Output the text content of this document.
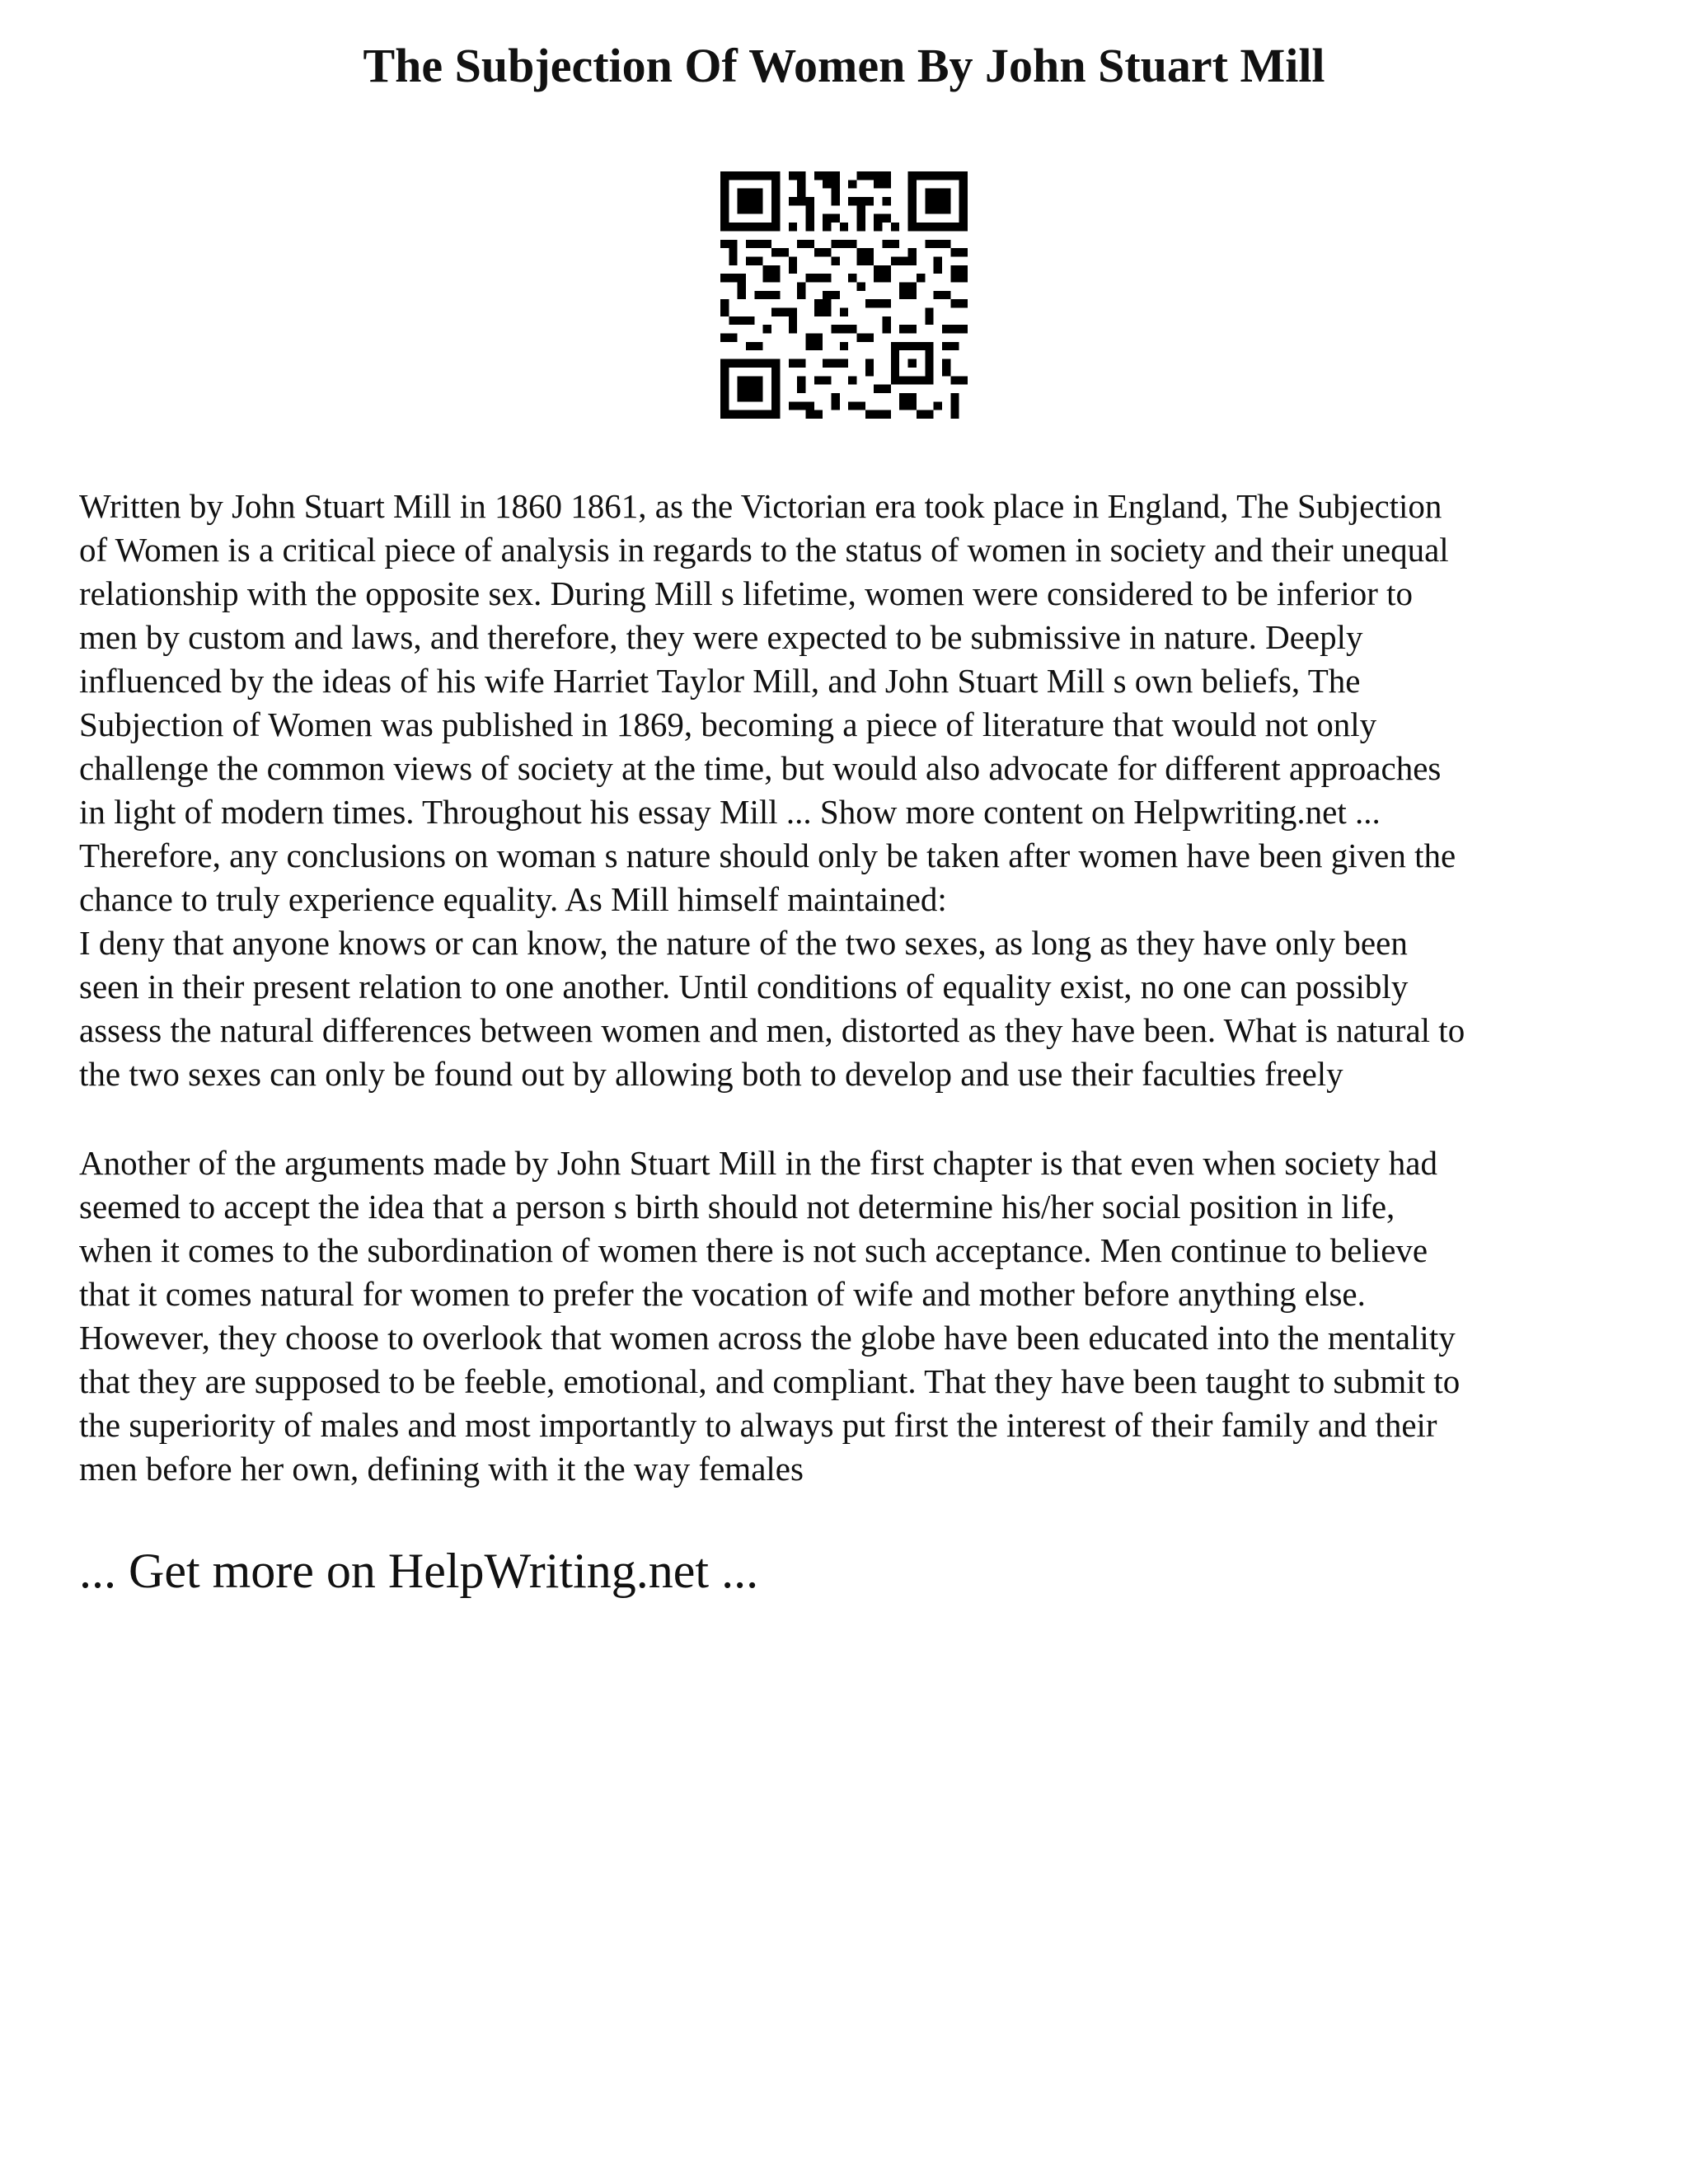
The Subjection Of Women By John Stuart Mill

Written by John Stuart Mill in 1860 1861, as the Victorian era took place in England, The Subjection
of Women is a critical piece of analysis in regards to the status of women in society and their unequal
relationship with the opposite sex. During Mill s lifetime, women were considered to be inferior to
men by custom and laws, and therefore, they were expected to be submissive in nature. Deeply
influenced by the ideas of his wife Harriet Taylor Mill, and John Stuart Mill s own beliefs, The
Subjection of Women was published in 1869, becoming a piece of literature that would not only
challenge the common views of society at the time, but would also advocate for different approaches
in light of modern times. Throughout his essay Mill ... Show more content on Helpwriting.net ...
Therefore, any conclusions on woman s nature should only be taken after women have been given the
chance to truly experience equality. As Mill himself maintained:
I deny that anyone knows or can know, the nature of the two sexes, as long as they have only been
seen in their present relation to one another. Until conditions of equality exist, no one can possibly
assess the natural differences between women and men, distorted as they have been. What is natural to
the two sexes can only be found out by allowing both to develop and use their faculties freely

Another of the arguments made by John Stuart Mill in the first chapter is that even when society had
seemed to accept the idea that a person s birth should not determine his/her social position in life,
when it comes to the subordination of women there is not such acceptance. Men continue to believe
that it comes natural for women to prefer the vocation of wife and mother before anything else.
However, they choose to overlook that women across the globe have been educated into the mentality
that they are supposed to be feeble, emotional, and compliant. That they have been taught to submit to
the superiority of males and most importantly to always put first the interest of their family and their
men before her own, defining with it the way females

... Get more on HelpWriting.net ...
